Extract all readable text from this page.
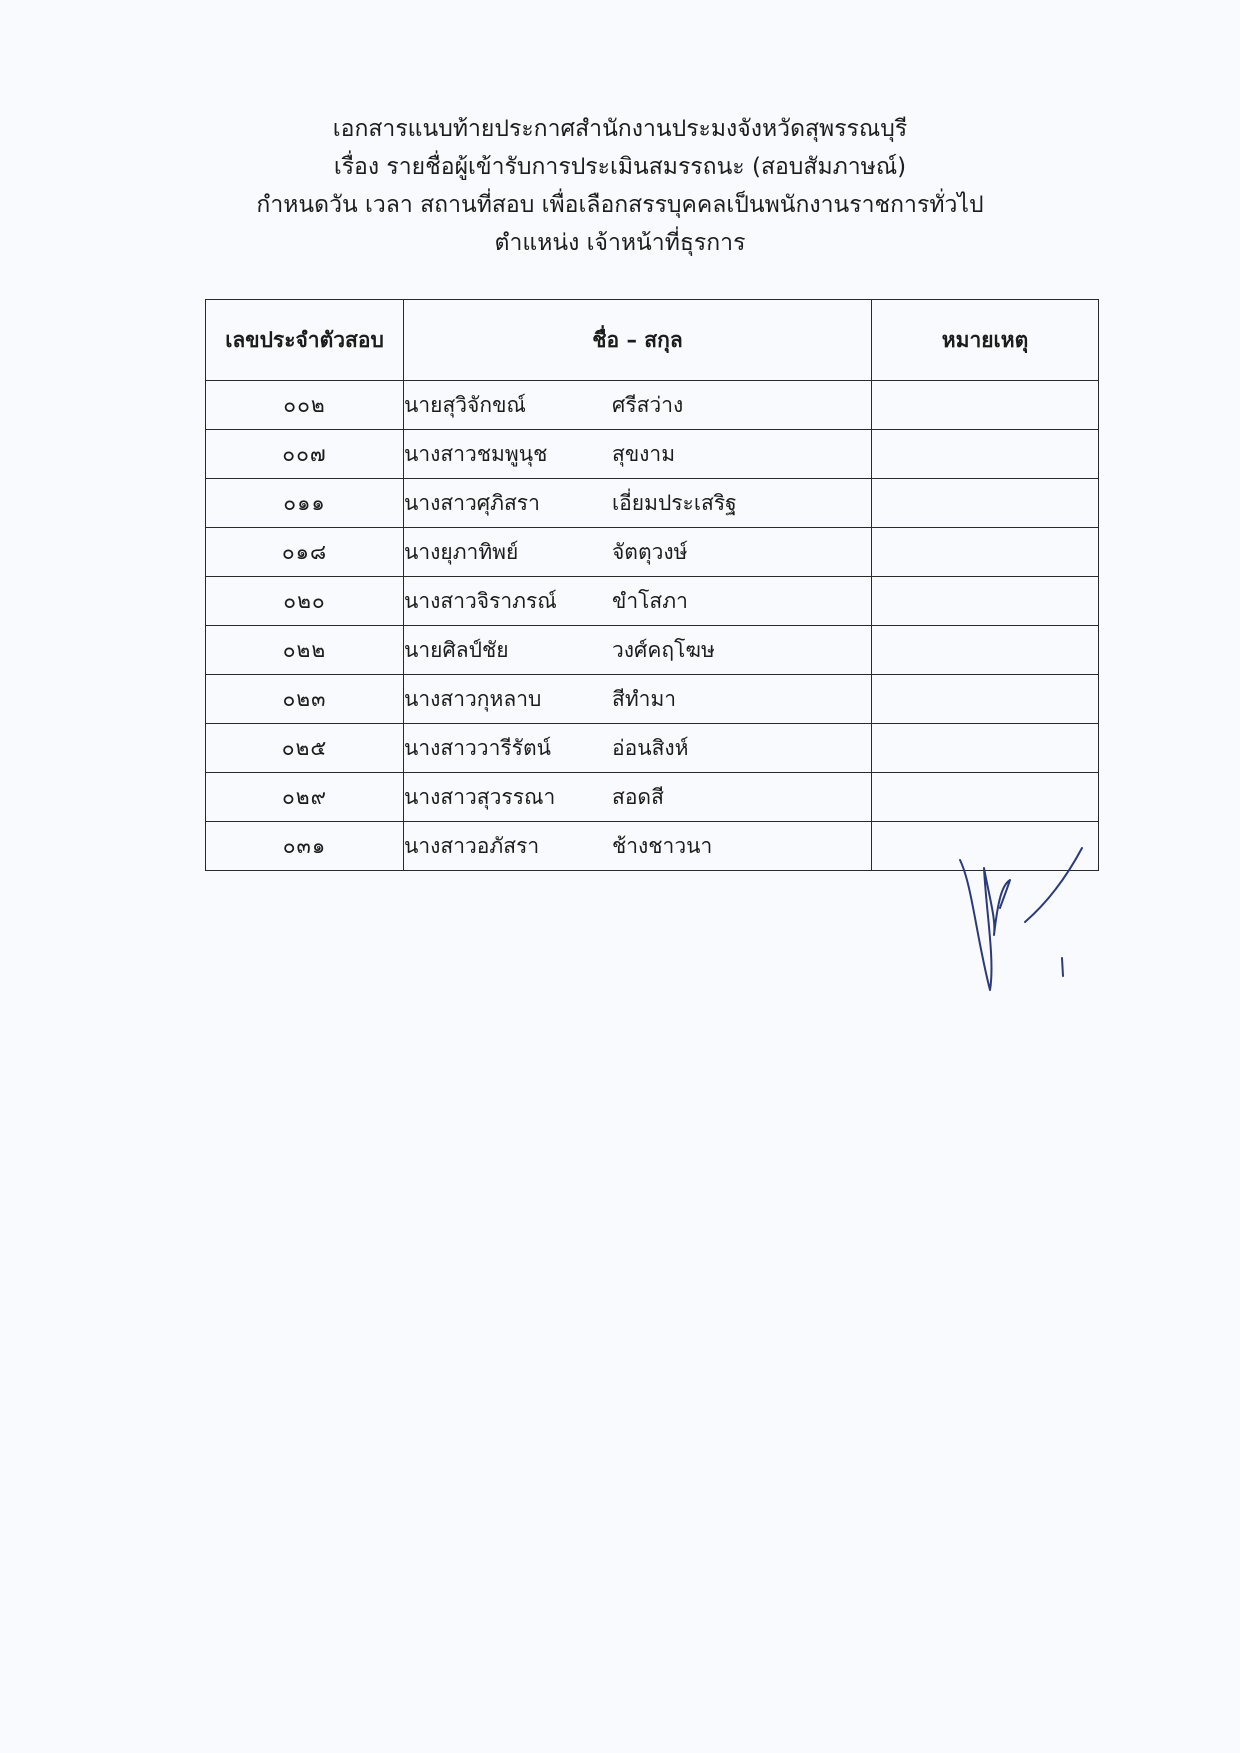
เอกสารแนบท้ายประกาศสำนักงานประมงจังหวัดสุพรรณบุรี
เรื่อง รายชื่อผู้เข้ารับการประเมินสมรรถนะ (สอบสัมภาษณ์)
กำหนดวัน เวลา สถานที่สอบ เพื่อเลือกสรรบุคคลเป็นพนักงานราชการทั่วไป
ตำแหน่ง เจ้าหน้าที่ธุรการ
เลขประจำตัวสอบ	ชื่อ – สกุล	หมายเหตุ
๐๐๒	นายสุวิจักขณ์ ศรีสว่าง	
๐๐๗	นางสาวชมพูนุช สุขงาม	
๐๑๑	นางสาวศุภิสรา เอี่ยมประเสริฐ	
๐๑๘	นางยุภาทิพย์ จัตตุวงษ์	
๐๒๐	นางสาวจิราภรณ์ ขำโสภา	
๐๒๒	นายศิลป์ชัย วงศ์คฤโฆษ	
๐๒๓	นางสาวกุหลาบ สีทำมา	
๐๒๕	นางสาววารีรัตน์ อ่อนสิงห์	
๐๒๙	นางสาวสุวรรณา สอดสี	
๐๓๑	นางสาวอภัสรา ช้างชาวนา	
